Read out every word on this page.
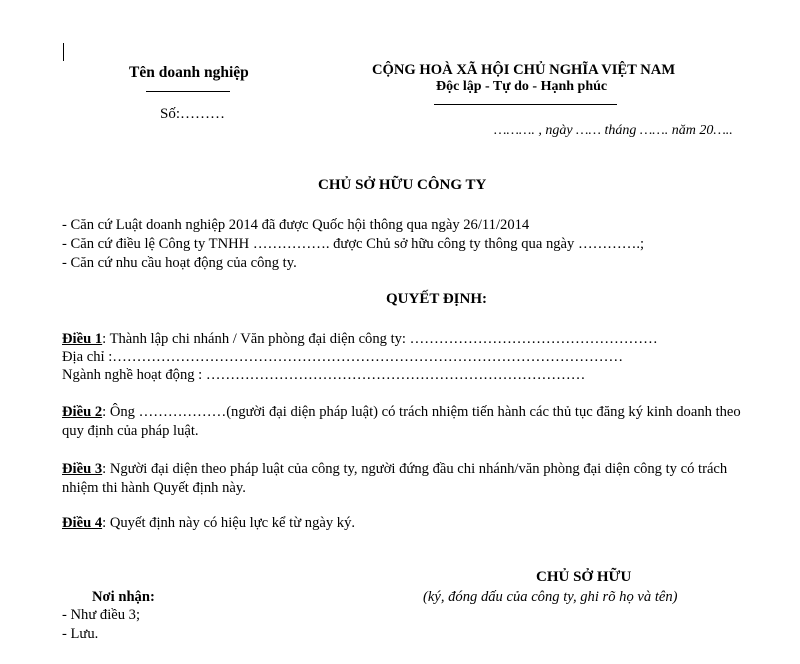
Tên doanh nghiệp
Số:………
CỘNG HOÀ XÃ HỘI CHỦ NGHĨA VIỆT NAM
Độc lập - Tự do - Hạnh phúc
………. , ngày …… tháng ……. năm 20…..
CHỦ SỞ HỮU CÔNG TY
- Căn cứ Luật doanh nghiệp 2014 đã được Quốc hội thông qua ngày 26/11/2014
- Căn cứ điều lệ Công ty TNHH ……………. được Chủ sở hữu công ty thông qua ngày ………….;
- Căn cứ nhu cầu hoạt động của công ty.
QUYẾT ĐỊNH:
Điều 1: Thành lập chi nhánh / Văn phòng đại diện công ty: ……………………………………………
Địa chỉ :……………………………………………………………………………………………
Ngành nghề hoạt động : ……………………………………………………………………
Điều 2: Ông ………………(người đại diện pháp luật) có trách nhiệm tiến hành các thủ tục đăng ký kinh doanh theo quy định của pháp luật.
Điều 3: Người đại diện theo pháp luật của công ty, người đứng đầu chi nhánh/văn phòng đại diện công ty có trách nhiệm thi hành Quyết định này.
Điều 4: Quyết định này có hiệu lực kể từ ngày ký.
CHỦ SỞ HỮU
(ký, đóng dấu của công ty, ghi rõ họ và tên)
Nơi nhận:
- Như điều 3;
- Lưu.
